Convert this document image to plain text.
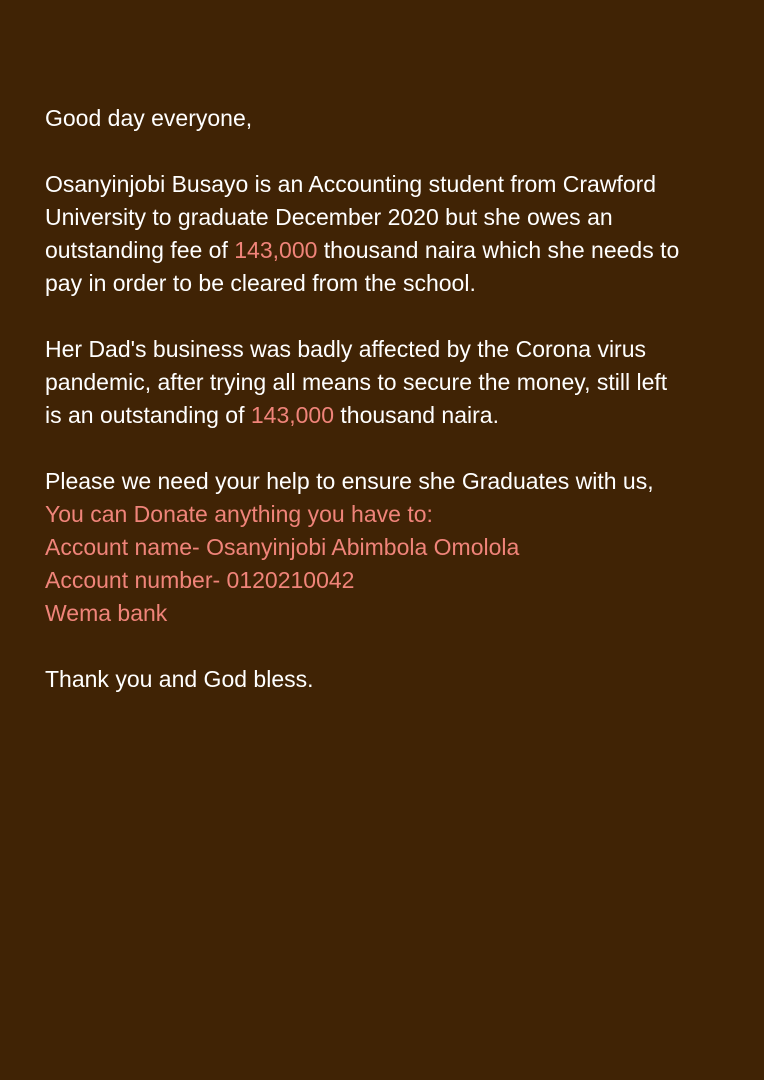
Good day everyone,

Osanyinjobi Busayo is an Accounting student from Crawford
University to graduate December 2020 but she owes an
outstanding fee of 143,000 thousand naira which she needs to
pay in order to be cleared from the school.

Her Dad's business was badly affected by the Corona virus
pandemic, after trying all means to secure the money, still left
is an outstanding of 143,000 thousand naira.

Please we need your help to ensure she Graduates with us,
You can Donate anything you have to:
Account name- Osanyinjobi Abimbola Omolola
Account number- 0120210042
Wema bank

Thank you and God bless.
